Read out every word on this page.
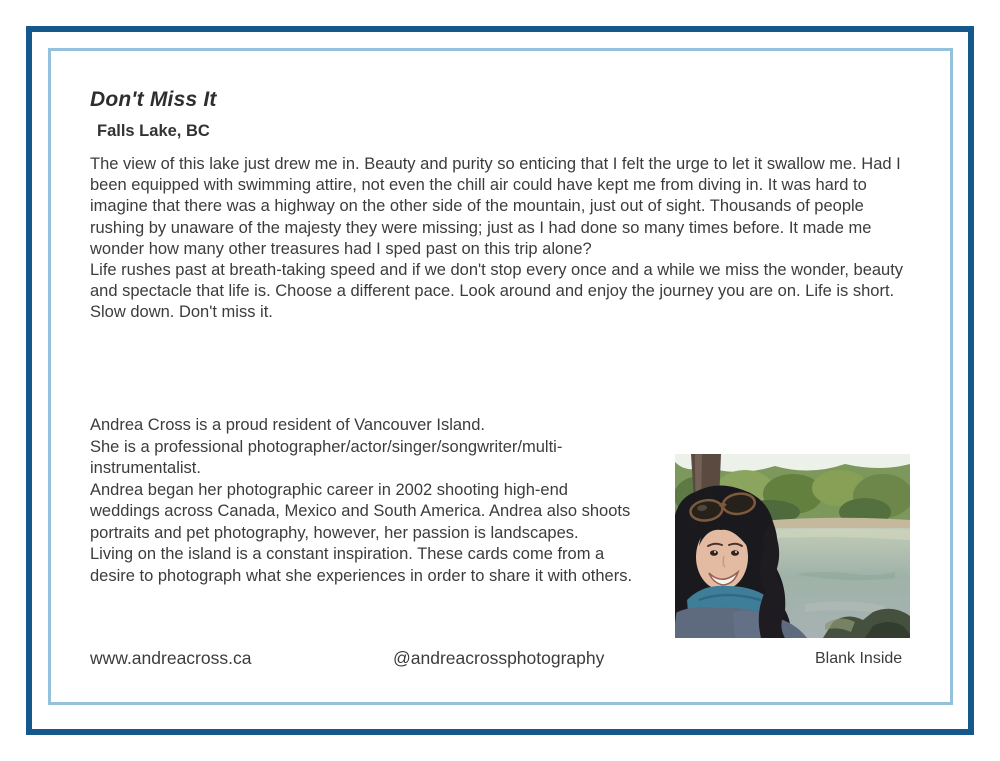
Don't Miss It
Falls Lake, BC

The view of this lake just drew me in. Beauty and purity so enticing that I felt the urge to let it swallow me. Had I been equipped with swimming attire, not even the chill air could have kept me from diving in. It was hard to imagine that there was a highway on the other side of the mountain, just out of sight. Thousands of people rushing by unaware of the majesty they were missing; just as I had done so many times before. It made me wonder how many other treasures had I sped past on this trip alone?

Life rushes past at breath-taking speed and if we don't stop every once and a while we miss the wonder, beauty and spectacle that life is. Choose a different pace. Look around and enjoy the journey you are on. Life is short. Slow down. Don't miss it.

Andrea Cross is a proud resident of Vancouver Island.

She is a professional photographer/actor/singer/songwriter/multi-instrumentalist.

Andrea began her photographic career in 2002 shooting high-end weddings across Canada, Mexico and South America. Andrea also shoots portraits and pet photography, however, her passion is landscapes.

Living on the island is a constant inspiration. These cards come from a desire to photograph what she experiences in order to share it with others.

www.andreacross.ca	@andreacrossphotography	Blank Inside
